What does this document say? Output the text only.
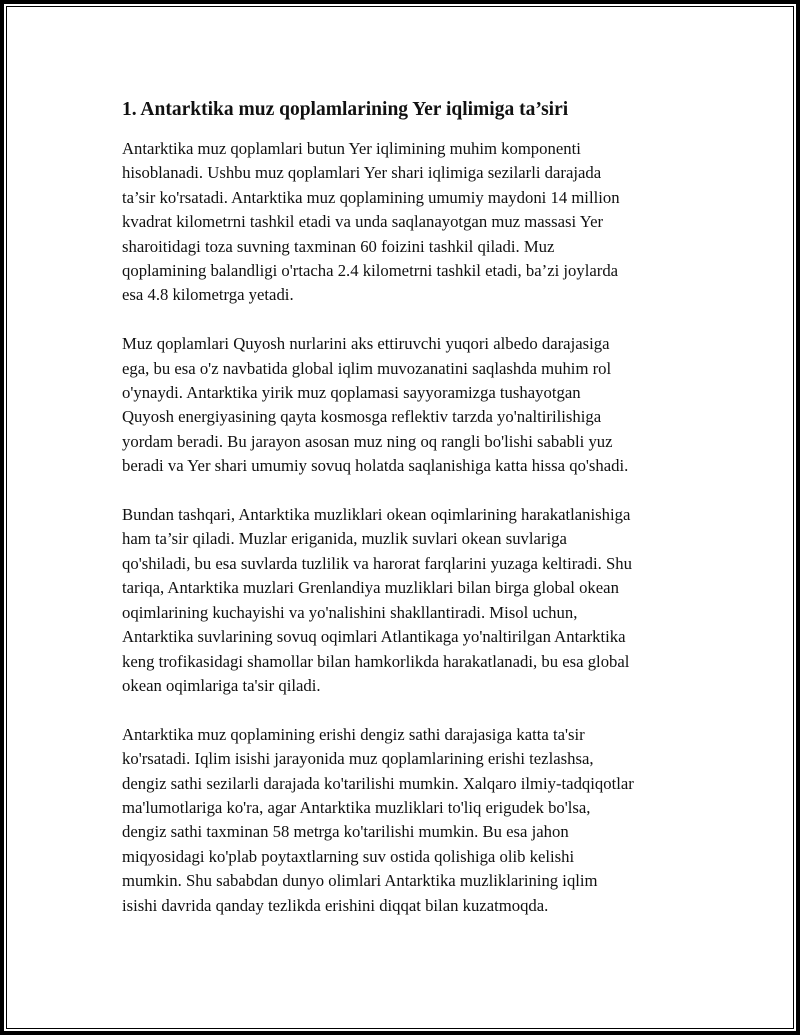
1. Antarktika muz qoplamlarining Yer iqlimiga ta’siri

Antarktika muz qoplamlari butun Yer iqlimining muhim komponenti
hisoblanadi. Ushbu muz qoplamlari Yer shari iqlimiga sezilarli darajada
ta’sir ko'rsatadi. Antarktika muz qoplamining umumiy maydoni 14 million
kvadrat kilometrni tashkil etadi va unda saqlanayotgan muz massasi Yer
sharoitidagi toza suvning taxminan 60 foizini tashkil qiladi. Muz
qoplamining balandligi o'rtacha 2.4 kilometrni tashkil etadi, ba’zi joylarda
esa 4.8 kilometrga yetadi.

Muz qoplamlari Quyosh nurlarini aks ettiruvchi yuqori albedo darajasiga
ega, bu esa o'z navbatida global iqlim muvozanatini saqlashda muhim rol
o'ynaydi. Antarktika yirik muz qoplamasi sayyoramizga tushayotgan
Quyosh energiyasining qayta kosmosga reflektiv tarzda yo'naltirilishiga
yordam beradi. Bu jarayon asosan muz ning oq rangli bo'lishi sababli yuz
beradi va Yer shari umumiy sovuq holatda saqlanishiga katta hissa qo'shadi.

Bundan tashqari, Antarktika muzliklari okean oqimlarining harakatlanishiga
ham ta’sir qiladi. Muzlar eriganida, muzlik suvlari okean suvlariga
qo'shiladi, bu esa suvlarda tuzlilik va harorat farqlarini yuzaga keltiradi. Shu
tariqa, Antarktika muzlari Grenlandiya muzliklari bilan birga global okean
oqimlarining kuchayishi va yo'nalishini shakllantiradi. Misol uchun,
Antarktika suvlarining sovuq oqimlari Atlantikaga yo'naltirilgan Antarktika
keng trofikasidagi shamollar bilan hamkorlikda harakatlanadi, bu esa global
okean oqimlariga ta'sir qiladi.

Antarktika muz qoplamining erishi dengiz sathi darajasiga katta ta'sir
ko'rsatadi. Iqlim isishi jarayonida muz qoplamlarining erishi tezlashsa,
dengiz sathi sezilarli darajada ko'tarilishi mumkin. Xalqaro ilmiy-tadqiqotlar
ma'lumotlariga ko'ra, agar Antarktika muzliklari to'liq erigudek bo'lsa,
dengiz sathi taxminan 58 metrga ko'tarilishi mumkin. Bu esa jahon
miqyosidagi ko'plab poytaxtlarning suv ostida qolishiga olib kelishi
mumkin. Shu sababdan dunyo olimlari Antarktika muzliklarining iqlim
isishi davrida qanday tezlikda erishini diqqat bilan kuzatmoqda.
